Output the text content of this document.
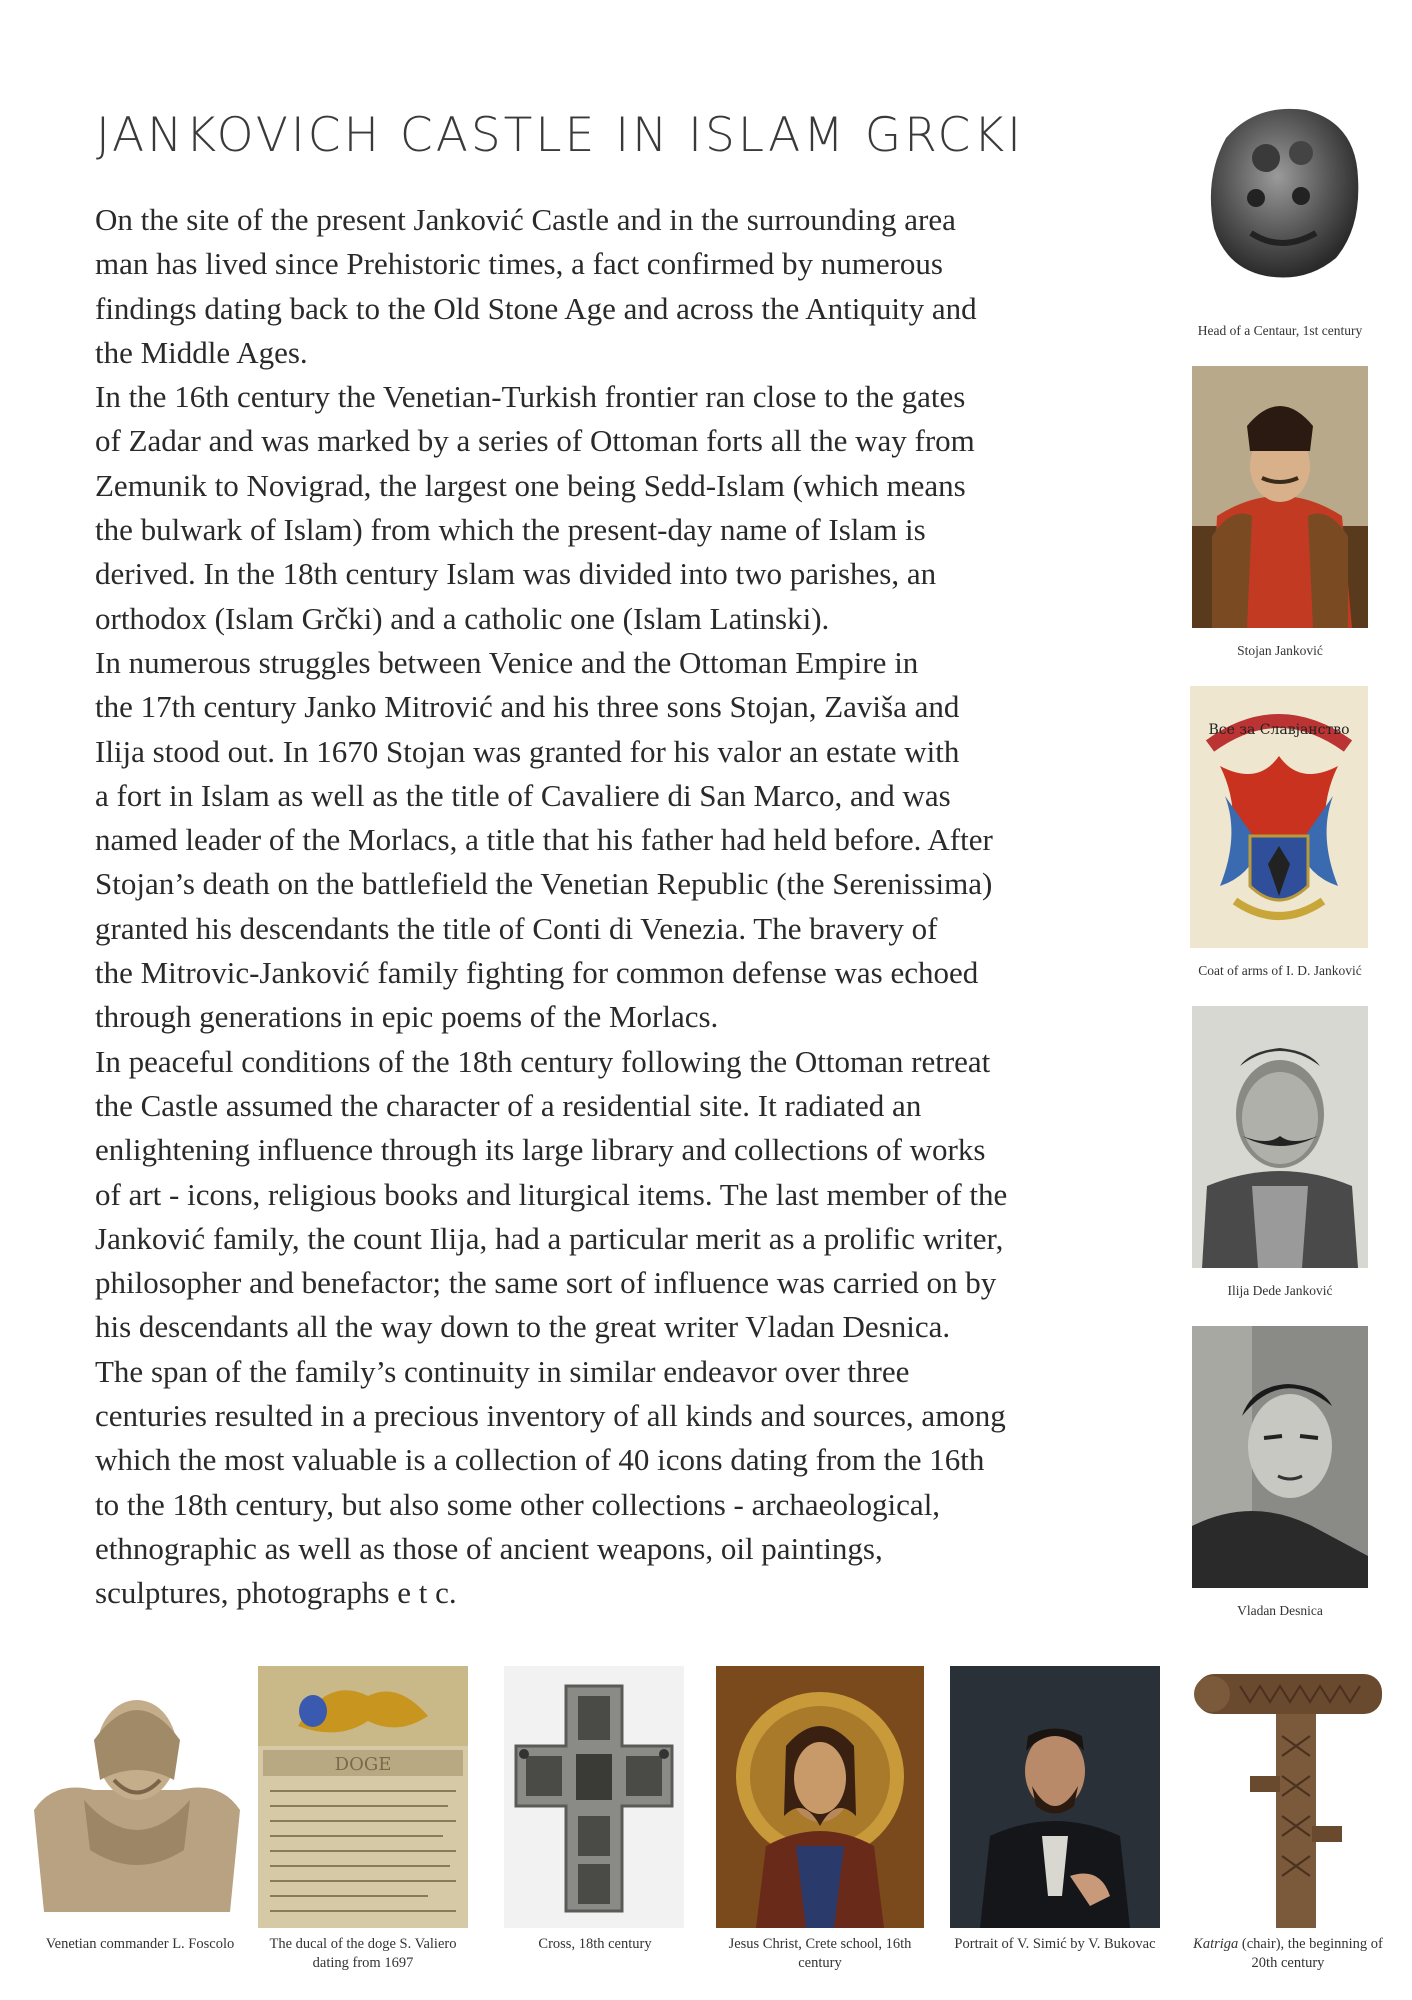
JANKOVICH CASTLE IN ISLAM GRCKI
On the site of the present Janković Castle and in the surrounding area
man has lived since Prehistoric times, a fact confirmed by numerous
findings dating back to the Old Stone Age and across the Antiquity and
the Middle Ages.
In the 16th century the Venetian-Turkish frontier ran close to the gates
of Zadar and was marked by a series of Ottoman forts all the way from
Zemunik to Novigrad, the largest one being Sedd-Islam (which means
the bulwark of Islam) from which the present-day name of Islam is
derived. In the 18th century Islam was divided into two parishes, an
orthodox (Islam Grčki) and a catholic one (Islam Latinski).
In numerous struggles between Venice and the Ottoman Empire in
the 17th century Janko Mitrović and his three sons Stojan, Zaviša and
Ilija stood out. In 1670 Stojan was granted for his valor an estate with
a fort in Islam as well as the title of Cavaliere di San Marco, and was
named leader of the Morlacs, a title that his father had held before. After
Stojan’s death on the battlefield the Venetian Republic (the Serenissima)
granted his descendants the title of Conti di Venezia. The bravery of
the Mitrovic-Janković family fighting for common defense was echoed
through generations in epic poems of the Morlacs.
In peaceful conditions of the 18th century following the Ottoman retreat
the Castle assumed the character of a residential site. It radiated an
enlightening influence through its large library and collections of works
of art - icons, religious books and liturgical items. The last member of the
Janković family, the count Ilija, had a particular merit as a prolific writer,
philosopher and benefactor; the same sort of influence was carried on by
his descendants all the way down to the great writer Vladan Desnica.
The span of the family’s continuity in similar endeavor over three
centuries resulted in a precious inventory of all kinds and sources, among
which the most valuable is a collection of 40 icons dating from the 16th
to the 18th century, but also some other collections - archaeological,
ethnographic as well as those of ancient weapons, oil paintings,
sculptures, photographs e t c.
Head of a Centaur, 1st century
Stojan Janković
Все за Славјанство
Coat of arms of I. D. Janković
Ilija Dede Janković
Vladan Desnica
Venetian commander L. Foscolo
DOGE
The ducal of the doge S. Valiero dating from 1697
Cross, 18th century	Jesus Christ, Crete school, 16th century
Portrait of V. Simić by V. Bukovac	Katriga (chair), the beginning of 20th century
